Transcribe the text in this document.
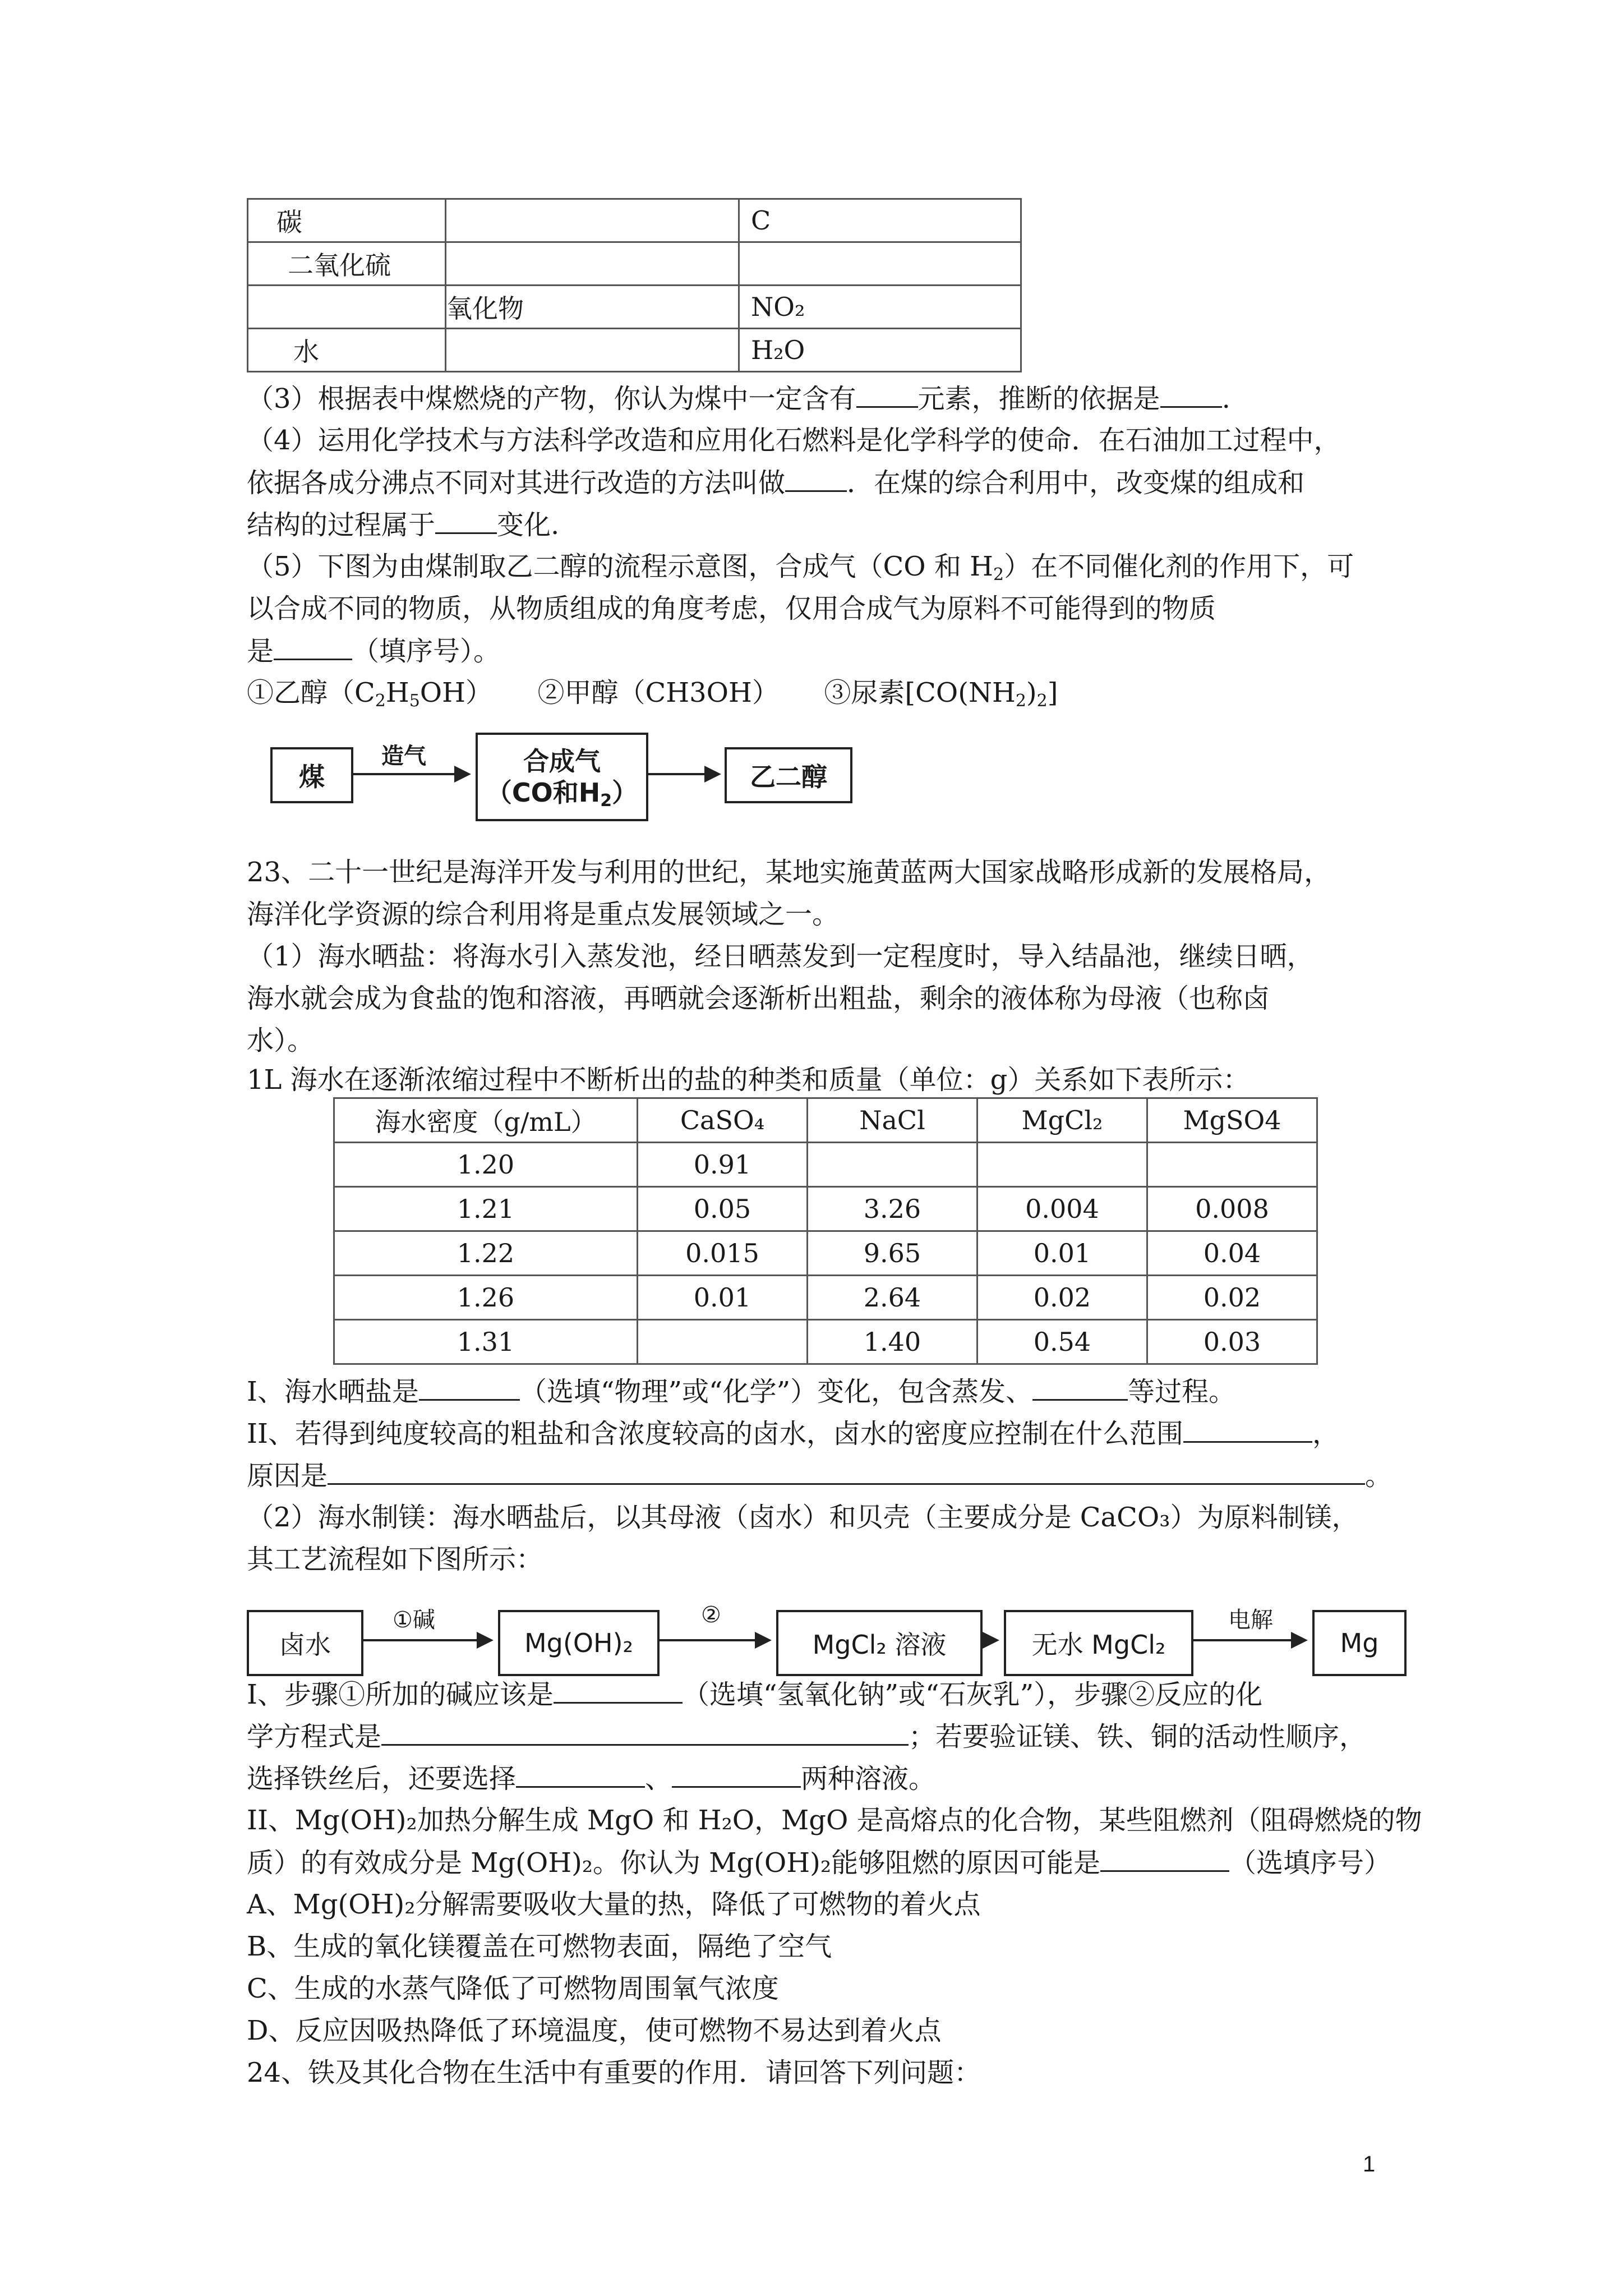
碳		C
二氧化硫		
	氧化物	NO₂
水		H₂O
（3）根据表中煤燃烧的产物，你认为煤中一定含有 元素，推断的依据是 .
（4）运用化学技术与方法科学改造和应用化石燃料是化学科学的使命．在石油加工过程中，
依据各成分沸点不同对其进行改造的方法叫做 ．在煤的综合利用中，改变煤的组成和
结构的过程属于 变化.
（5）下图为由煤制取乙二醇的流程示意图，合成气（CO 和 $H_2$）在不同催化剂的作用下，可
以合成不同的物质，从物质组成的角度考虑，仅用合成气为原料不可能得到的物质
是	（填序号）。
①乙醇$(C_2H_5OH)$ ②甲醇（CH3OH） ③尿素$[CO(NH_2)_2]$
煤
造气	合成气
（CO和$H_2$）
乙二醇
23、二十一世纪是海洋开发与利用的世纪，某地实施黄蓝两大国家战略形成新的发展格局，
海洋化学资源的综合利用将是重点发展领域之一。
（1）海水晒盐：将海水引入蒸发池，经日晒蒸发到一定程度时，导入结晶池，继续日晒，
海水就会成为食盐的饱和溶液，再晒就会逐渐析出粗盐，剩余的液体称为母液（也称卤
水）。
1L 海水在逐渐浓缩过程中不断析出的盐的种类和质量（单位：g）关系如下表所示：
海水密度（g/mL）	CaSO₄	NaCl	MgCl₂	MgSO4
1.20	0.91			
1.21	0.05	3.26	0.004	0.008
1.22	0.015	9.65	0.01	0.04
1.26	0.01	2.64	0.02	0.02
1.31		1.40	0.54	0.03
I、海水晒盐是	（选填“物理”或“化学”）变化，包含蒸发、	等过程。
II、若得到纯度较高的粗盐和含浓度较高的卤水，卤水的密度应控制在什么范围	，
原因是	。
（2）海水制镁：海水晒盐后，以其母液（卤水）和贝壳（主要成分是 CaCO₃）为原料制镁，
其工艺流程如下图所示：
卤水
①碱
Mg(OH)₂
②
MgCl₂ 溶液	无水 MgCl₂
电解
Mg
I、步骤①所加的碱应该是	（选填“氢氧化钠”或“石灰乳”），步骤②反应的化
学方程式是	；若要验证镁、铁、铜的活动性顺序，
选择铁丝后，还要选择	、	两种溶液。
II、Mg(OH)₂加热分解生成 MgO 和 H₂O，MgO 是高熔点的化合物，某些阻燃剂（阻碍燃烧的物
质）的有效成分是 Mg(OH)₂。你认为 Mg(OH)₂能够阻燃的原因可能是	（选填序号）
A、Mg(OH)₂分解需要吸收大量的热，降低了可燃物的着火点
B、生成的氧化镁覆盖在可燃物表面，隔绝了空气
C、生成的水蒸气降低了可燃物周围氧气浓度
D、反应因吸热降低了环境温度，使可燃物不易达到着火点
24、铁及其化合物在生活中有重要的作用．请回答下列问题：
1
